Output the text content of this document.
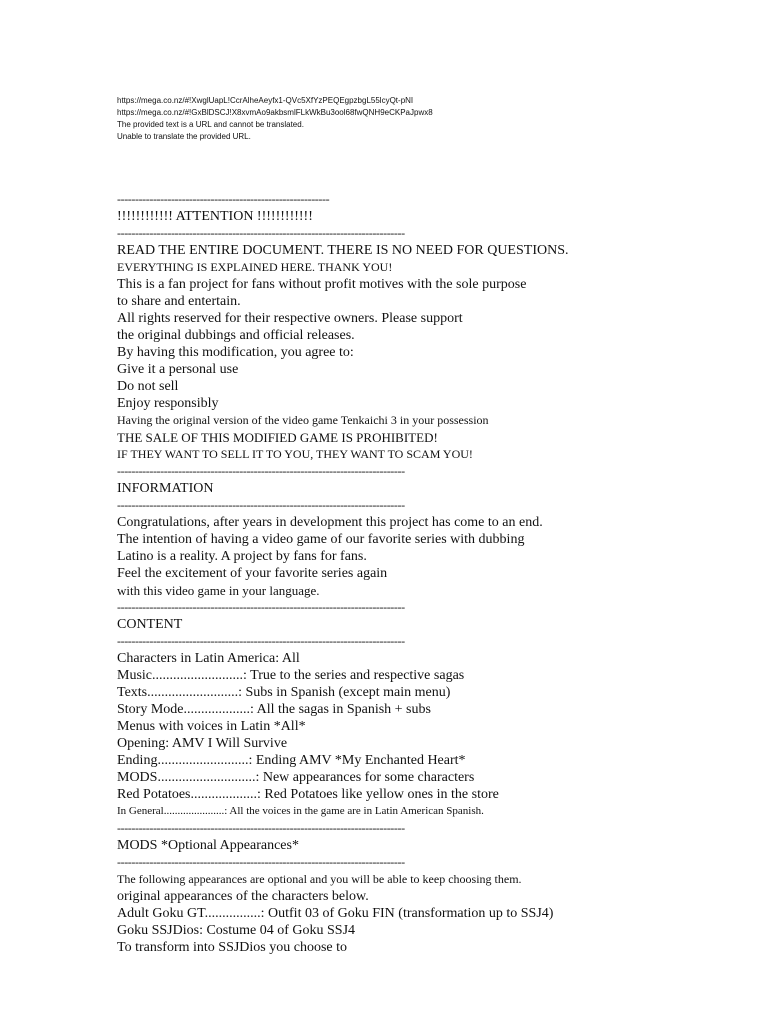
https://mega.co.nz/#!XwglUapL!CcrAlheAeyfx1-QVc5XfYzPEQEgpzbgL55lcyQt-pNI

https://mega.co.nz/#!GxBlDSCJ!X8xvmAo9akbsmlFLkWkBu3ool68fwQNH9eCKPaJpwx8

The provided text is a URL and cannot be translated.

Unable to translate the provided URL.

-----------------------------------------------------------

!!!!!!!!!!!! ATTENTION !!!!!!!!!!!!

--------------------------------------------------------------------------------

READ THE ENTIRE DOCUMENT. THERE IS NO NEED FOR QUESTIONS.

EVERYTHING IS EXPLAINED HERE. THANK YOU!

This is a fan project for fans without profit motives with the sole purpose

to share and entertain.

All rights reserved for their respective owners. Please support

the original dubbings and official releases.

By having this modification, you agree to:

Give it a personal use

Do not sell

Enjoy responsibly

Having the original version of the video game Tenkaichi 3 in your possession

THE SALE OF THIS MODIFIED GAME IS PROHIBITED!

IF THEY WANT TO SELL IT TO YOU, THEY WANT TO SCAM YOU!

--------------------------------------------------------------------------------

INFORMATION

--------------------------------------------------------------------------------

Congratulations, after years in development this project has come to an end.

The intention of having a video game of our favorite series with dubbing

Latino is a reality. A project by fans for fans.

Feel the excitement of your favorite series again

with this video game in your language.

--------------------------------------------------------------------------------

CONTENT

--------------------------------------------------------------------------------

Characters in Latin America: All

Music..........................: True to the series and respective sagas

Texts..........................: Subs in Spanish (except main menu)

Story Mode...................: All the sagas in Spanish + subs

Menus with voices in Latin *All*

Opening: AMV I Will Survive

Ending..........................: Ending AMV *My Enchanted Heart*

MODS............................: New appearances for some characters

Red Potatoes...................: Red Potatoes like yellow ones in the store

In General......................: All the voices in the game are in Latin American Spanish.

--------------------------------------------------------------------------------

MODS *Optional Appearances*

--------------------------------------------------------------------------------

The following appearances are optional and you will be able to keep choosing them.

original appearances of the characters below.

Adult Goku GT................: Outfit 03 of Goku FIN (transformation up to SSJ4)

Goku SSJDios: Costume 04 of Goku SSJ4

To transform into SSJDios you choose to
